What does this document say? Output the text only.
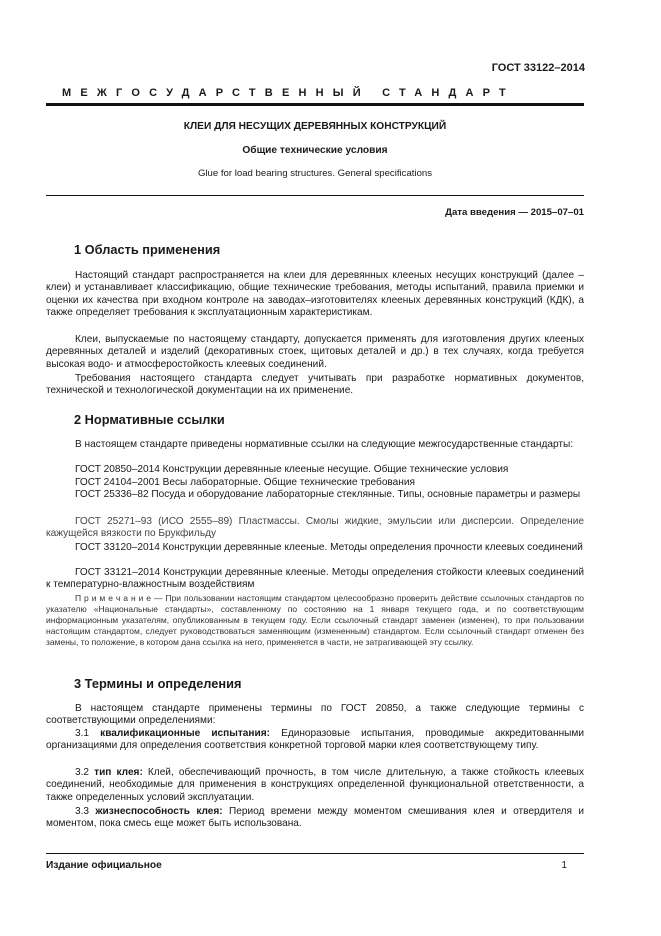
ГОСТ 33122–2014
МЕЖГОСУДАРСТВЕННЫЙ СТАНДАРТ
КЛЕИ ДЛЯ НЕСУЩИХ ДЕРЕВЯННЫХ КОНСТРУКЦИЙ
Общие технические условия
Glue for load bearing structures. General specifications
Дата введения — 2015–07–01
1 Область применения

Настоящий стандарт распространяется на клеи для деревянных клееных несущих конструкций (далее – клеи) и устанавливает классификацию, общие технические требования, методы испытаний, правила приемки и оценки их качества при входном контроле на заводах–изготовителях клееных деревянных конструкций (КДК), а также определяет требования к эксплуатационным характеристикам.

Клеи, выпускаемые по настоящему стандарту, допускается применять для изготовления других клееных деревянных деталей и изделий (декоративных стоек, щитовых деталей и др.) в тех случаях, когда требуется высокая водо- и атмосферостойкость клеевых соединений.

Требования настоящего стандарта следует учитывать при разработке нормативных документов, технической и технологической документации на их применение.

2 Нормативные ссылки

В настоящем стандарте приведены нормативные ссылки на следующие межгосударственные стандарты:

ГОСТ 20850–2014 Конструкции деревянные клееные несущие. Общие технические условия

ГОСТ 24104–2001 Весы лабораторные. Общие технические требования

ГОСТ 25336–82 Посуда и оборудование лабораторные стеклянные. Типы, основные параметры и размеры

ГОСТ 25271–93 (ИСО 2555–89) Пластмассы. Смолы жидкие, эмульсии или дисперсии. Определение кажущейся вязкости по Брукфильду

ГОСТ 33120–2014 Конструкции деревянные клееные. Методы определения прочности клеевых соединений

ГОСТ 33121–2014 Конструкции деревянные клееные. Методы определения стойкости клеевых соединений к температурно-влажностным воздействиям

П р и м е ч а н и е — При пользовании настоящим стандартом целесообразно проверить действие ссылочных стандартов по указателю «Национальные стандарты», составленному по состоянию на 1 января текущего года, и по соответствующим информационным указателям, опубликованным в текущем году. Если ссылочный стандарт заменен (изменен), то при пользовании настоящим стандартом, следует руководствоваться заменяющим (измененным) стандартом. Если ссылочный стандарт отменен без замены, то положение, в котором дана ссылка на него, применяется в части, не затрагивающей эту ссылку.

3 Термины и определения

В настоящем стандарте применены термины по ГОСТ 20850, а также следующие термины с соответствующими определениями:

3.1 квалификационные испытания: Единоразовые испытания, проводимые аккредитованными организациями для определения соответствия конкретной торговой марки клея соответствующему типу.

3.2 тип клея: Клей, обеспечивающий прочность, в том числе длительную, а также стойкость клеевых соединений, необходимые для применения в конструкциях определенной функциональной ответственности, а также определенных условий эксплуатации.

3.3 жизнеспособность клея: Период времени между моментом смешивания клея и отвердителя и моментом, пока смесь еще может быть использована.

Издание официальное	1
